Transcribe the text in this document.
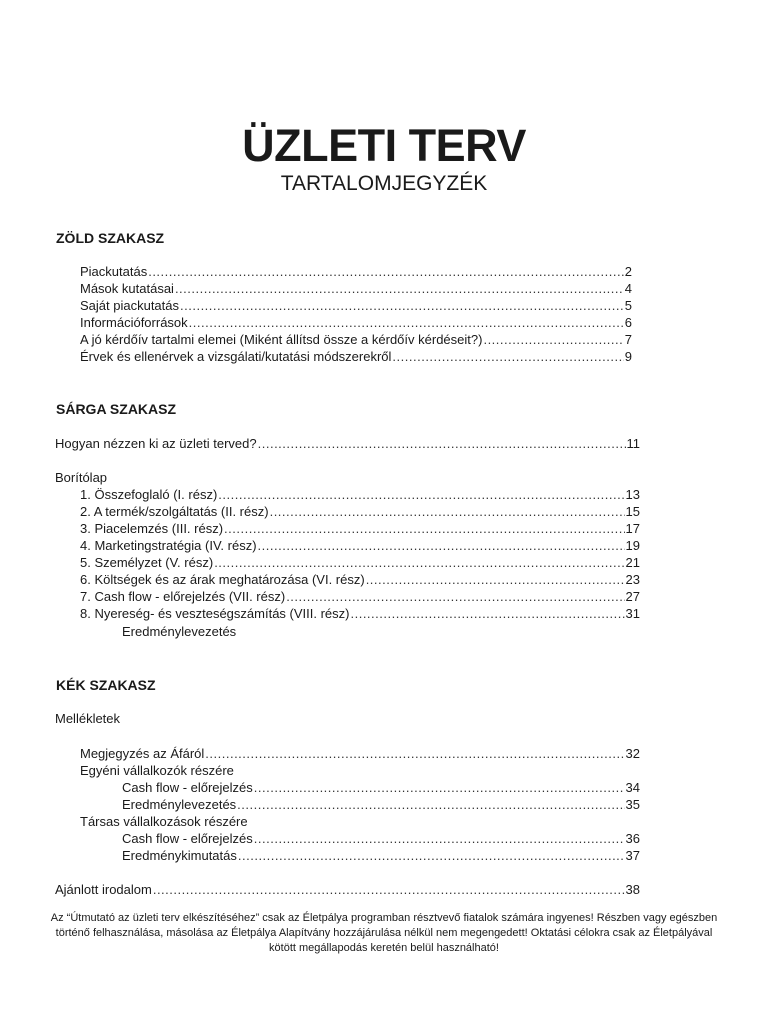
ÜZLETI TERV
TARTALOMJEGYZÉK
ZÖLD SZAKASZ
Piackutatás .....	2
Mások kutatásai .....	4
Saját piackutatás .....	5
Információforrások .....	6
A jó kérdőív tartalmi elemei (Miként állítsd össze a kérdőív kérdéseit?) .....	7
Érvek és ellenérvek a vizsgálati/kutatási módszerekről .....	9
SÁRGA SZAKASZ
Hogyan nézzen ki az üzleti terved? .....	11
Borítólap
1. Összefoglaló (I. rész) .....	13
2. A termék/szolgáltatás (II. rész) .....	15
3. Piacelemzés (III. rész) .....	17
4. Marketingstratégia (IV. rész) .....	19
5. Személyzet (V. rész) .....	21
6. Költségek és az árak meghatározása (VI. rész) .....	23
7. Cash flow - előrejelzés (VII. rész) .....	27
8. Nyereség- és veszteségszámítás (VIII. rész) .....	31
Eredménylevezetés
KÉK SZAKASZ
Mellékletek
Megjegyzés az Áfáról .....	32
Egyéni vállalkozók részére
Cash flow - előrejelzés .....	34
Eredménylevezetés .....	35
Társas vállalkozások részére
Cash flow - előrejelzés .....	36
Eredménykimutatás .....	37
Ajánlott irodalom .....	38
Az “Útmutató az üzleti terv elkészítéséhez” csak az Életpálya programban résztvevő fiatalok számára ingyenes! Részben vagy egészben történő felhasználása, másolása az Életpálya Alapítvány hozzájárulása nélkül nem megengedett! Oktatási célokra csak az Életpályával kötött megállapodás keretén belül használható!
